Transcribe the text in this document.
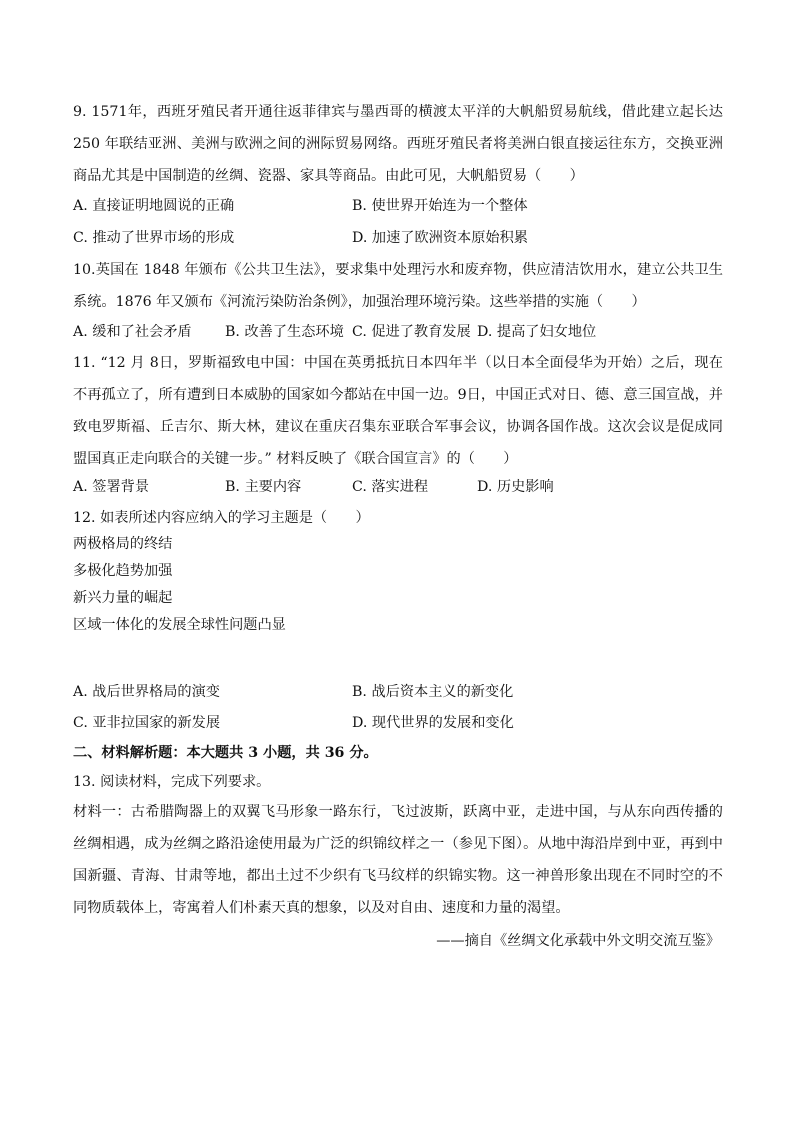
9. 1571年，西班牙殖民者开通往返菲律宾与墨西哥的横渡太平洋的大帆船贸易航线，借此建立起长达 250 年联结亚洲、美洲与欧洲之间的洲际贸易网络。西班牙殖民者将美洲白银直接运往东方，交换亚洲商品尤其是中国制造的丝绸、瓷器、家具等商品。由此可见，大帆船贸易（　　）

A. 直接证明地圆说的正确	B. 使世界开始连为一个整体
C. 推动了世界市场的形成	D. 加速了欧洲资本原始积累

10.英国在 1848 年颁布《公共卫生法》，要求集中处理污水和废弃物，供应清洁饮用水，建立公共卫生系统。1876 年又颁布《河流污染防治条例》，加强治理环境污染。这些举措的实施（　　）

A. 缓和了社会矛盾 B. 改善了生态环境 C. 促进了教育发展 D. 提高了妇女地位

11. “12 月 8日，罗斯福致电中国：中国在英勇抵抗日本四年半（以日本全面侵华为开始）之后，现在不再孤立了，所有遭到日本威胁的国家如今都站在中国一边。9日，中国正式对日、德、意三国宣战，并致电罗斯福、丘吉尔、斯大林，建议在重庆召集东亚联合军事会议，协调各国作战。这次会议是促成同盟国真正走向联合的关键一步。” 材料反映了《联合国宣言》的（　　）

A. 签署背景	B. 主要内容	C. 落实进程	D. 历史影响
12. 如表所述内容应纳入的学习主题是（　　）
两极格局的终结
多极化趋势加强
新兴力量的崛起
区域一体化的发展全球性问题凸显
A. 战后世界格局的演变	B. 战后资本主义的新变化
C. 亚非拉国家的新发展	D. 现代世界的发展和变化
二、材料解析题：本大题共 3 小题，共 36 分。
13. 阅读材料，完成下列要求。

材料一：古希腊陶器上的双翼飞马形象一路东行，飞过波斯，跃离中亚，走进中国，与从东向西传播的丝绸相遇，成为丝绸之路沿途使用最为广泛的织锦纹样之一（参见下图）。从地中海沿岸到中亚，再到中国新疆、青海、甘肃等地，都出土过不少织有飞马纹样的织锦实物。这一神兽形象出现在不同时空的不同物质载体上，寄寓着人们朴素天真的想象，以及对自由、速度和力量的渴望。

——摘自《丝绸文化承载中外文明交流互鉴》
